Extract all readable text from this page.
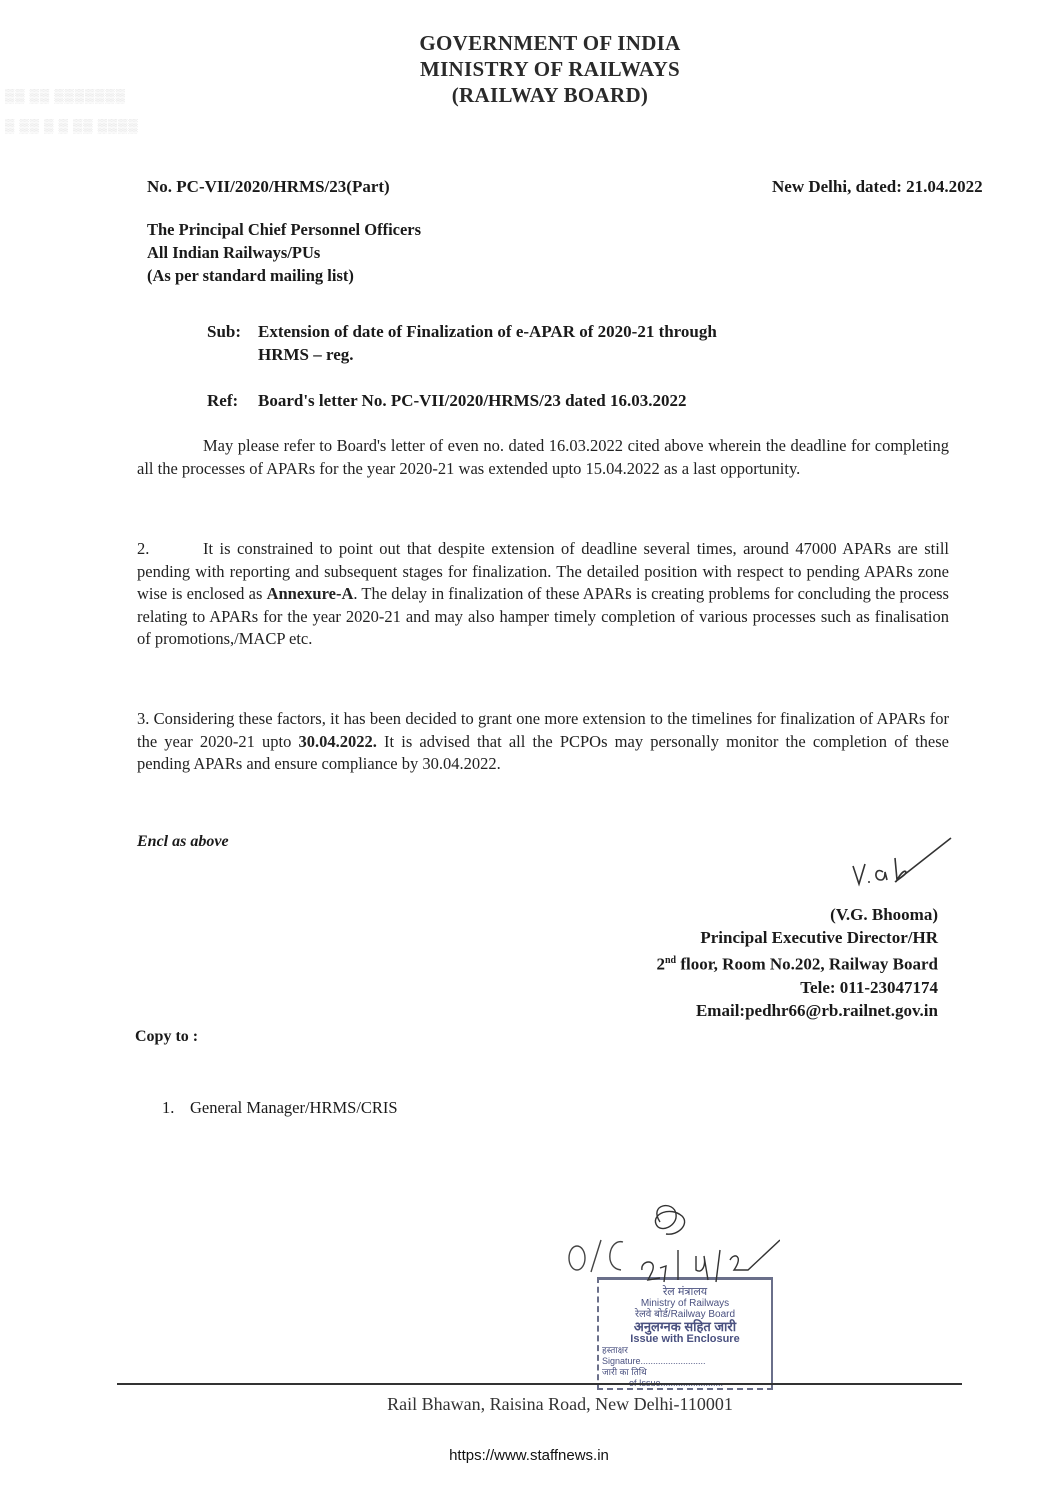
▒▒ ▒▒ ▒▒▒▒▒▒▒
▒ ▒▒ ▒ ▒ ▒▒ ▒▒▒▒
GOVERNMENT OF INDIA
MINISTRY OF RAILWAYS
(RAILWAY BOARD)
No. PC-VII/2020/HRMS/23(Part)	New Delhi, dated: 21.04.2022
The Principal Chief Personnel Officers
All Indian Railways/PUs
(As per standard mailing list)
Sub: Extension of date of Finalization of e-APAR of 2020-21 through
HRMS – reg.
Ref: Board's letter No. PC-VII/2020/HRMS/23 dated 16.03.2022
May please refer to Board's letter of even no. dated 16.03.2022 cited above wherein the deadline for completing all the processes of APARs for the year 2020-21 was extended upto 15.04.2022 as a last opportunity.
2.	It is constrained to point out that despite extension of deadline several times, around 47000 APARs are still pending with reporting and subsequent stages for finalization. The detailed position with respect to pending APARs zone wise is enclosed as Annexure-A. The delay in finalization of these APARs is creating problems for concluding the process relating to APARs for the year 2020-21 and may also hamper timely completion of various processes such as finalisation of promotions,/MACP etc.
3. Considering these factors, it has been decided to grant one more extension to the timelines for finalization of APARs for the year 2020-21 upto 30.04.2022. It is advised that all the PCPOs may personally monitor the completion of these pending APARs and ensure compliance by 30.04.2022.
Encl as above
(V.G. Bhooma)
Principal Executive Director/HR
2nd floor, Room No.202, Railway Board
Tele: 011-23047174
Email:pedhr66@rb.railnet.gov.in
Copy to :
1. General Manager/HRMS/CRIS
रेल मंत्रालय
Ministry of Railways
रेलवे बोर्ड/Railway Board
अनुलग्नक सहित जारी
Issue with Enclosure
हस्ताक्षर
Signature..........................
जारी का तिथि
of Issue.........................
Rail Bhawan, Raisina Road, New Delhi-110001
https://www.staffnews.in
